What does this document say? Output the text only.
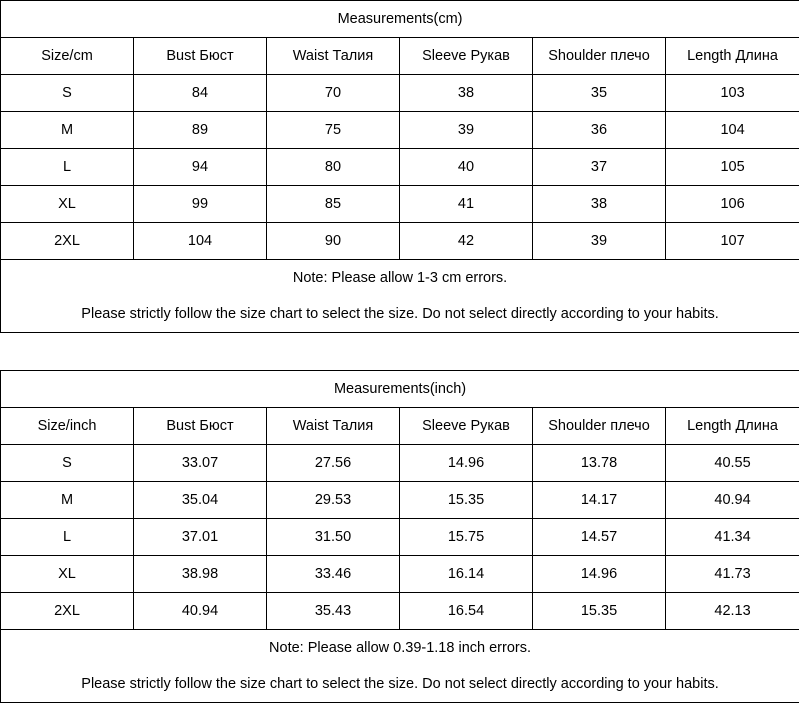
Measurements(cm)					
Size/cm	Bust Бюст	Waist Талия	Sleeve Рукав	Shoulder плечо	Length Длина
S	84	70	38	35	103
M	89	75	39	36	104
L	94	80	40	37	105
XL	99	85	41	38	106
2XL	104	90	42	39	107
Note: Please allow 1-3 cm errors.					
Please strictly follow the size chart to select the size. Do not select directly according to your habits.					
Measurements(inch)					
Size/inch	Bust Бюст	Waist Талия	Sleeve Рукав	Shoulder плечо	Length Длина
S	33.07	27.56	14.96	13.78	40.55
M	35.04	29.53	15.35	14.17	40.94
L	37.01	31.50	15.75	14.57	41.34
XL	38.98	33.46	16.14	14.96	41.73
2XL	40.94	35.43	16.54	15.35	42.13
Note: Please allow 0.39-1.18 inch errors.					
Please strictly follow the size chart to select the size. Do not select directly according to your habits.					
